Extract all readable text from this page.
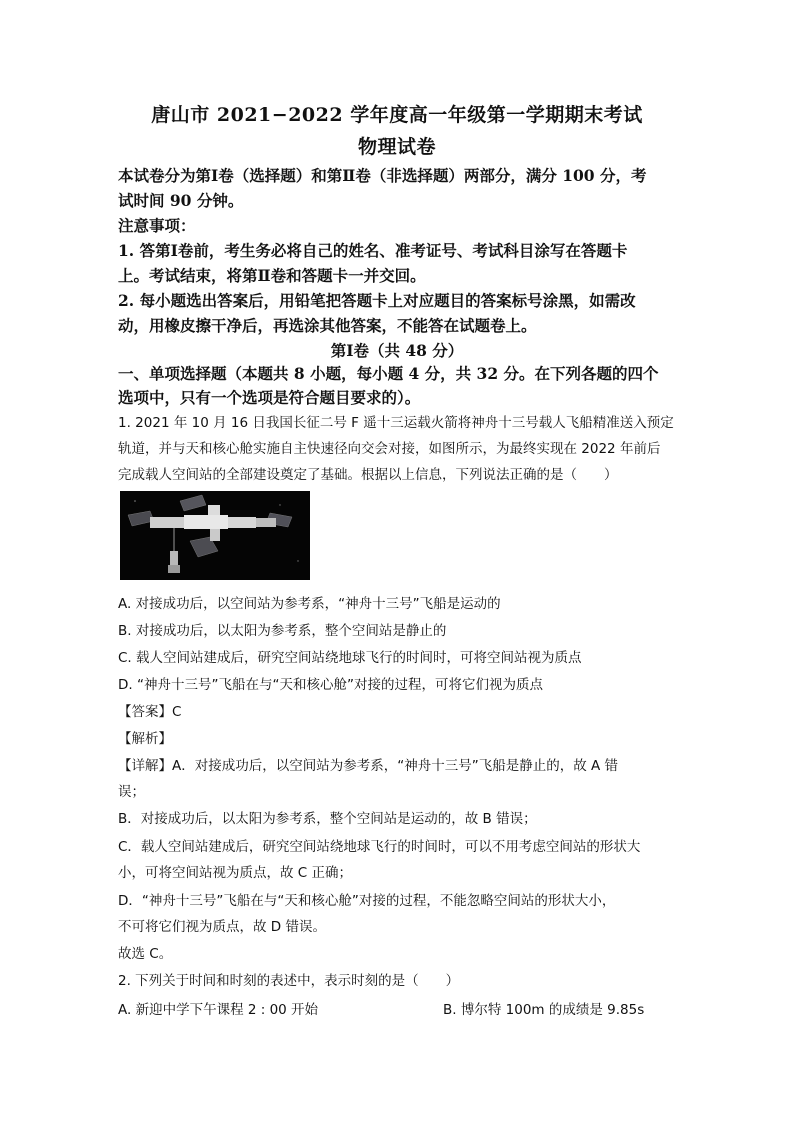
唐山市 2021−2022 学年度高一年级第一学期期末考试
物理试卷
本试卷分为第Ⅰ卷（选择题）和第Ⅱ卷（非选择题）两部分，满分 100 分，考
试时间 90 分钟。
注意事项：
1. 答第Ⅰ卷前，考生务必将自己的姓名、准考证号、考试科目涂写在答题卡
上。考试结束，将第Ⅱ卷和答题卡一并交回。
2. 每小题选出答案后，用铅笔把答题卡上对应题目的答案标号涂黑，如需改
动，用橡皮擦干净后，再选涂其他答案，不能答在试题卷上。
第Ⅰ卷（共 48 分）
一、单项选择题（本题共 8 小题，每小题 4 分，共 32 分。在下列各题的四个
选项中，只有一个选项是符合题目要求的）。
1. 2021 年 10 月 16 日我国长征二号 F 遥十三运载火箭将神舟十三号载人飞船精准送入预定
轨道，并与天和核心舱实施自主快速径向交会对接，如图所示，为最终实现在 2022 年前后
完成载人空间站的全部建设奠定了基础。根据以上信息，下列说法正确的是（　　）
A. 对接成功后，以空间站为参考系，“神舟十三号”飞船是运动的
B. 对接成功后，以太阳为参考系，整个空间站是静止的
C. 载人空间站建成后，研究空间站绕地球飞行的时间时，可将空间站视为质点
D. “神舟十三号”飞船在与“天和核心舱”对接的过程，可将它们视为质点
【答案】C
【解析】
【详解】A．对接成功后，以空间站为参考系，“神舟十三号”飞船是静止的，故 A 错
误；
B．对接成功后，以太阳为参考系，整个空间站是运动的，故 B 错误；
C．载人空间站建成后，研究空间站绕地球飞行的时间时，可以不用考虑空间站的形状大
小，可将空间站视为质点，故 C 正确；
D．“神舟十三号”飞船在与“天和核心舱”对接的过程，不能忽略空间站的形状大小，
不可将它们视为质点，故 D 错误。
故选 C。
2. 下列关于时间和时刻的表述中，表示时刻的是（　　）
A. 新迎中学下午课程 2 : 00 开始	B. 博尔特 100m 的成绩是 9.85s
